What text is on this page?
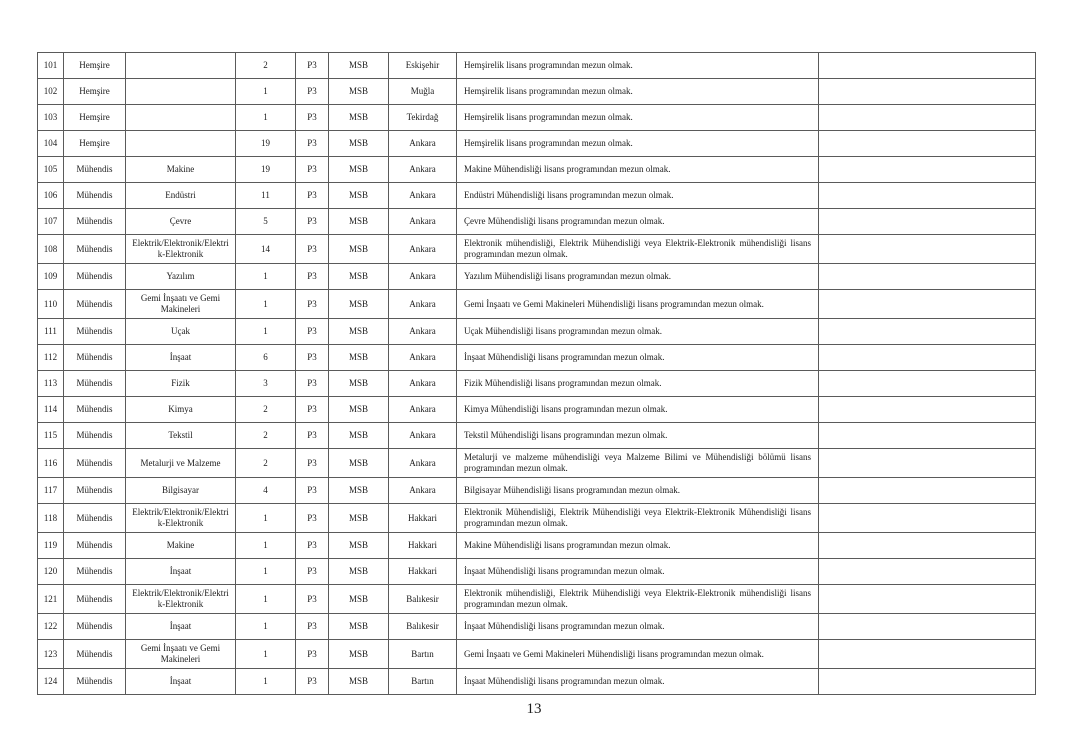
101	Hemşire		2	P3	MSB	Eskişehir	Hemşirelik lisans programından mezun olmak.	
102	Hemşire		1	P3	MSB	Muğla	Hemşirelik lisans programından mezun olmak.	
103	Hemşire		1	P3	MSB	Tekirdağ	Hemşirelik lisans programından mezun olmak.	
104	Hemşire		19	P3	MSB	Ankara	Hemşirelik lisans programından mezun olmak.	
105	Mühendis	Makine	19	P3	MSB	Ankara	Makine Mühendisliği lisans programından mezun olmak.	
106	Mühendis	Endüstri	11	P3	MSB	Ankara	Endüstri Mühendisliği lisans programından mezun olmak.	
107	Mühendis	Çevre	5	P3	MSB	Ankara	Çevre Mühendisliği lisans programından mezun olmak.	
108	Mühendis	Elektrik/Elektronik/Elektrik-Elektronik	14	P3	MSB	Ankara	Elektronik mühendisliği, Elektrik Mühendisliği veya Elektrik-Elektronik mühendisliği lisans programından mezun olmak.	
109	Mühendis	Yazılım	1	P3	MSB	Ankara	Yazılım Mühendisliği lisans programından mezun olmak.	
110	Mühendis	Gemi İnşaatı ve Gemi Makineleri	1	P3	MSB	Ankara	Gemi İnşaatı ve Gemi Makineleri Mühendisliği lisans programından mezun olmak.	
111	Mühendis	Uçak	1	P3	MSB	Ankara	Uçak Mühendisliği lisans programından mezun olmak.	
112	Mühendis	İnşaat	6	P3	MSB	Ankara	İnşaat Mühendisliği lisans programından mezun olmak.	
113	Mühendis	Fizik	3	P3	MSB	Ankara	Fizik Mühendisliği lisans programından mezun olmak.	
114	Mühendis	Kimya	2	P3	MSB	Ankara	Kimya Mühendisliği lisans programından mezun olmak.	
115	Mühendis	Tekstil	2	P3	MSB	Ankara	Tekstil Mühendisliği lisans programından mezun olmak.	
116	Mühendis	Metalurji ve Malzeme	2	P3	MSB	Ankara	Metalurji ve malzeme mühendisliği veya Malzeme Bilimi ve Mühendisliği bölümü lisans programından mezun olmak.	
117	Mühendis	Bilgisayar	4	P3	MSB	Ankara	Bilgisayar Mühendisliği lisans programından mezun olmak.	
118	Mühendis	Elektrik/Elektronik/Elektrik-Elektronik	1	P3	MSB	Hakkari	Elektronik Mühendisliği, Elektrik Mühendisliği veya Elektrik-Elektronik Mühendisliği lisans programından mezun olmak.	
119	Mühendis	Makine	1	P3	MSB	Hakkari	Makine Mühendisliği lisans programından mezun olmak.	
120	Mühendis	İnşaat	1	P3	MSB	Hakkari	İnşaat Mühendisliği lisans programından mezun olmak.	
121	Mühendis	Elektrik/Elektronik/Elektrik-Elektronik	1	P3	MSB	Balıkesir	Elektronik mühendisliği, Elektrik Mühendisliği veya Elektrik-Elektronik mühendisliği lisans programından mezun olmak.	
122	Mühendis	İnşaat	1	P3	MSB	Balıkesir	İnşaat Mühendisliği lisans programından mezun olmak.	
123	Mühendis	Gemi İnşaatı ve Gemi Makineleri	1	P3	MSB	Bartın	Gemi İnşaatı ve Gemi Makineleri Mühendisliği lisans programından mezun olmak.	
124	Mühendis	İnşaat	1	P3	MSB	Bartın	İnşaat Mühendisliği lisans programından mezun olmak.	
13
